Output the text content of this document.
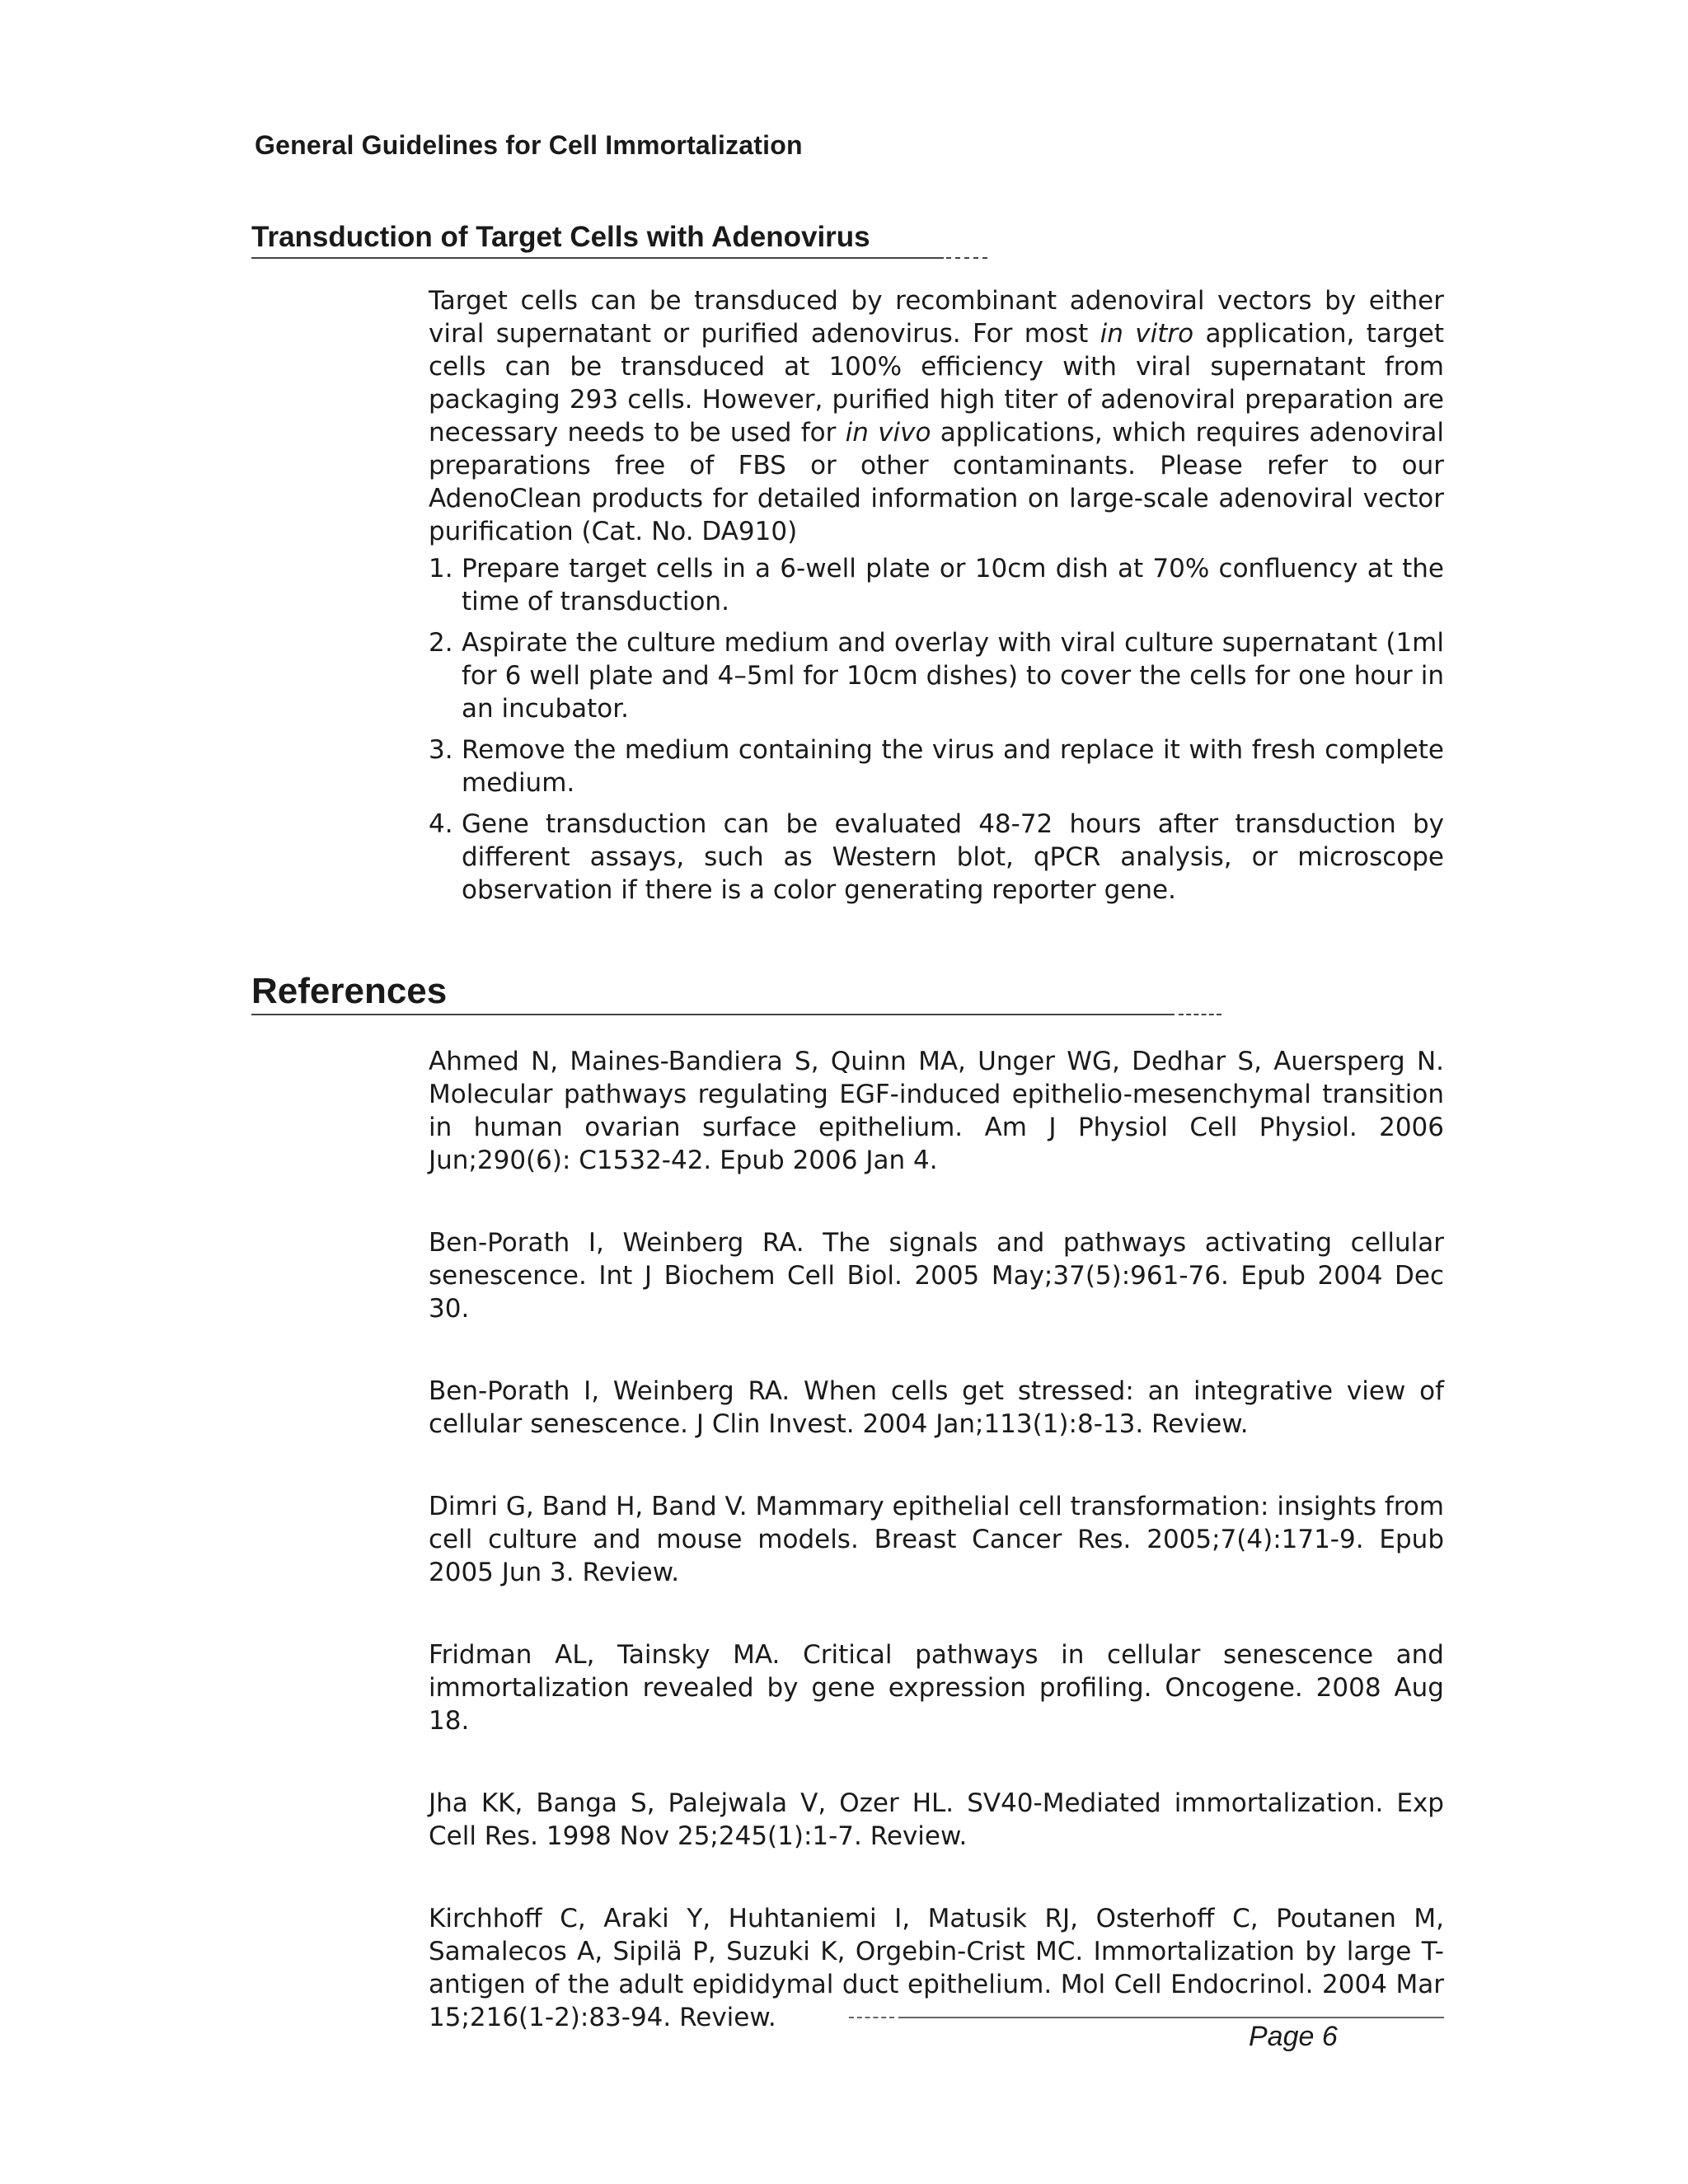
General Guidelines for Cell Immortalization
Transduction of Target Cells with Adenovirus
Target cells can be transduced by recombinant adenoviral vectors by either viral supernatant or purified adenovirus. For most in vitro application, target cells can be transduced at 100% efficiency with viral supernatant from packaging 293 cells. However, purified high titer of adenoviral preparation are necessary needs to be used for in vivo applications, which requires adenoviral preparations free of FBS or other contaminants. Please refer to our AdenoClean products for detailed information on large-scale adenoviral vector purification (Cat. No. DA910)
1. Prepare target cells in a 6-well plate or 10cm dish at 70% confluency at the time of transduction.
2. Aspirate the culture medium and overlay with viral culture supernatant (1ml for 6 well plate and 4–5ml for 10cm dishes) to cover the cells for one hour in an incubator.
3. Remove the medium containing the virus and replace it with fresh complete medium.
4. Gene transduction can be evaluated 48-72 hours after transduction by different assays, such as Western blot, qPCR analysis, or microscope observation if there is a color generating reporter gene.
References

Ahmed N, Maines-Bandiera S, Quinn MA, Unger WG, Dedhar S, Auersperg N. Molecular pathways regulating EGF-induced epithelio-mesenchymal transition in human ovarian surface epithelium. Am J Physiol Cell Physiol. 2006 Jun;290(6): C1532-42. Epub 2006 Jan 4.

Ben-Porath I, Weinberg RA. The signals and pathways activating cellular senescence. Int J Biochem Cell Biol. 2005 May;37(5):961-76. Epub 2004 Dec 30.

Ben-Porath I, Weinberg RA. When cells get stressed: an integrative view of cellular senescence. J Clin Invest. 2004 Jan;113(1):8-13. Review.

Dimri G, Band H, Band V. Mammary epithelial cell transformation: insights from cell culture and mouse models. Breast Cancer Res. 2005;7(4):171-9. Epub 2005 Jun 3. Review.

Fridman AL, Tainsky MA. Critical pathways in cellular senescence and immortalization revealed by gene expression profiling. Oncogene. 2008 Aug 18.

Jha KK, Banga S, Palejwala V, Ozer HL. SV40-Mediated immortalization. Exp Cell Res. 1998 Nov 25;245(1):1-7. Review.

Kirchhoff C, Araki Y, Huhtaniemi I, Matusik RJ, Osterhoff C, Poutanen M, Samalecos A, Sipilä P, Suzuki K, Orgebin-Crist MC. Immortalization by large T-antigen of the adult epididymal duct epithelium. Mol Cell Endocrinol. 2004 Mar 15;216(1-2):83-94. Review.

Page 6
